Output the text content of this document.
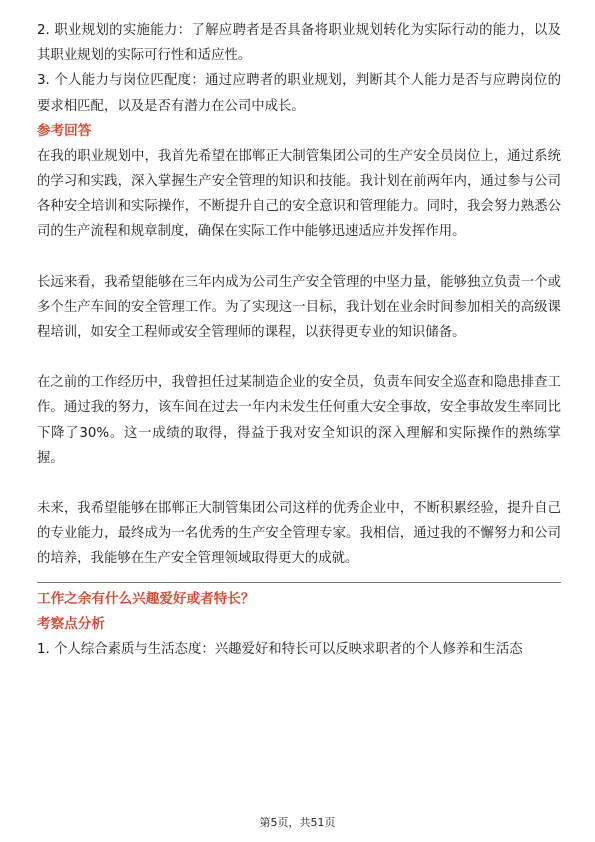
2. 职业规划的实施能力：了解应聘者是否具备将职业规划转化为实际行动的能力，以及其职业规划的实际可行性和适应性。

3. 个人能力与岗位匹配度：通过应聘者的职业规划，判断其个人能力是否与应聘岗位的要求相匹配，以及是否有潜力在公司中成长。

参考回答

在我的职业规划中，我首先希望在邯郸正大制管集团公司的生产安全员岗位上，通过系统的学习和实践，深入掌握生产安全管理的知识和技能。我计划在前两年内，通过参与公司各种安全培训和实际操作，不断提升自己的安全意识和管理能力。同时，我会努力熟悉公司的生产流程和规章制度，确保在实际工作中能够迅速适应并发挥作用。

长远来看，我希望能够在三年内成为公司生产安全管理的中坚力量，能够独立负责一个或多个生产车间的安全管理工作。为了实现这一目标，我计划在业余时间参加相关的高级课程培训，如安全工程师或安全管理师的课程，以获得更专业的知识储备。

在之前的工作经历中，我曾担任过某制造企业的安全员，负责车间安全巡查和隐患排查工作。通过我的努力，该车间在过去一年内未发生任何重大安全事故，安全事故发生率同比下降了30%。这一成绩的取得，得益于我对安全知识的深入理解和实际操作的熟练掌握。

未来，我希望能够在邯郸正大制管集团公司这样的优秀企业中，不断积累经验，提升自己的专业能力，最终成为一名优秀的生产安全管理专家。我相信，通过我的不懈努力和公司的培养，我能够在生产安全管理领域取得更大的成就。

工作之余有什么兴趣爱好或者特长？

考察点分析

1. 个人综合素质与生活态度：兴趣爱好和特长可以反映求职者的个人修养和生活态

第5页，共51页
